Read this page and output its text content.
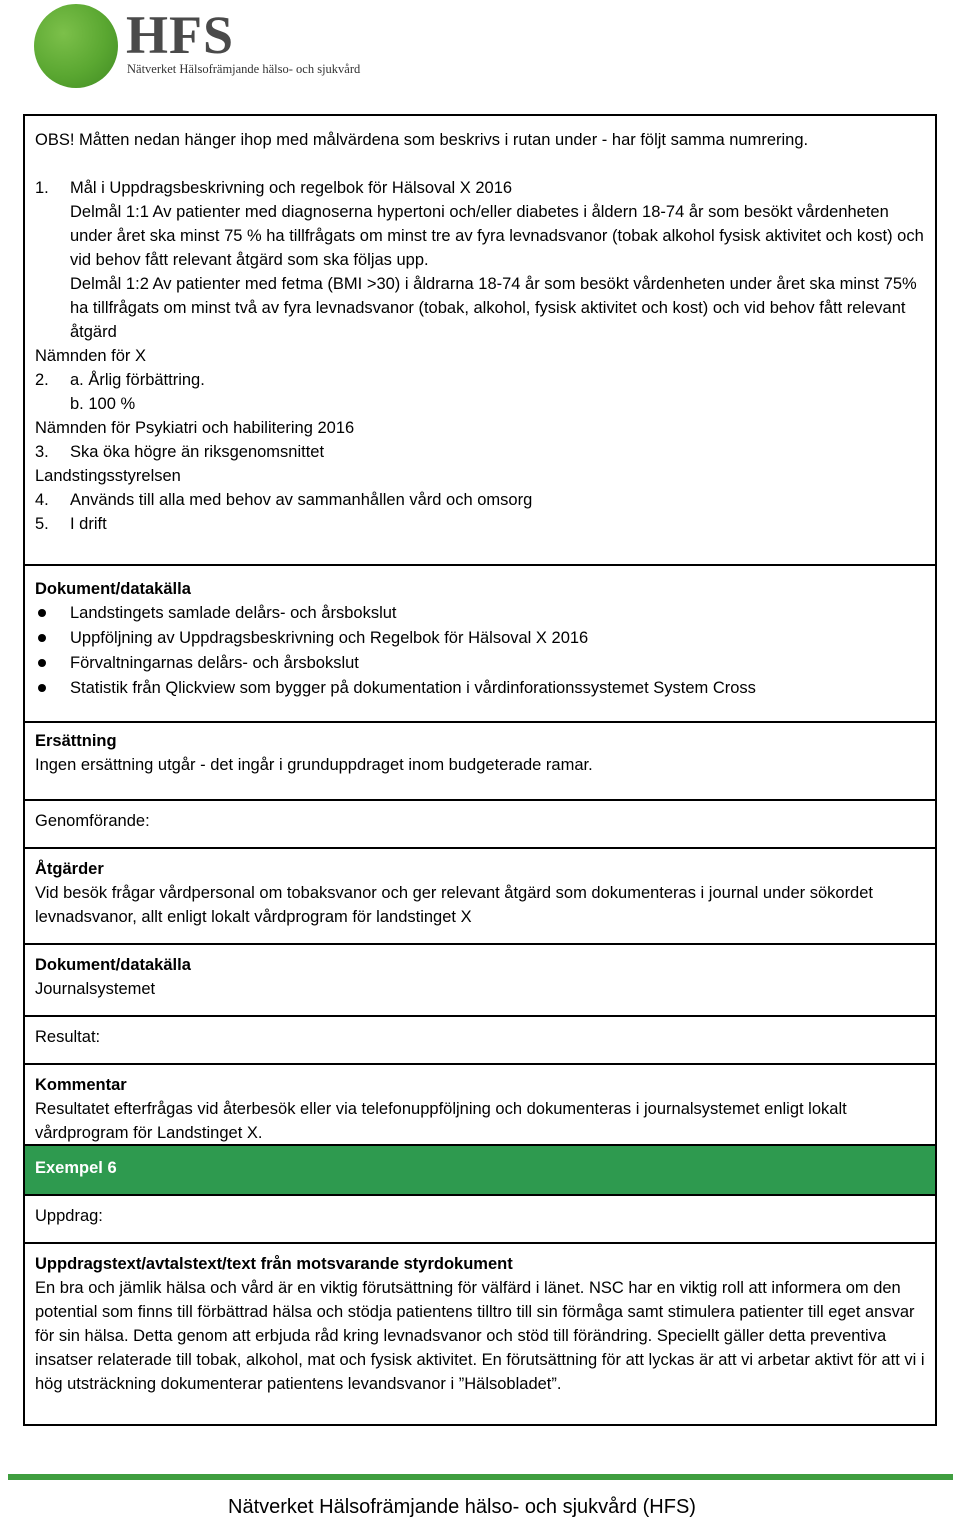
HFS
Nätverket Hälsofrämjande hälso- och sjukvård
OBS! Måtten nedan hänger ihop med målvärdena som beskrivs i rutan under - har följt samma numrering.
1.	Mål i Uppdragsbeskrivning och regelbok för Hälsoval X 2016
Delmål 1:1 Av patienter med diagnoserna hypertoni och/eller diabetes i åldern 18-74 år som besökt vårdenheten under året ska minst 75 % ha tillfrågats om minst tre av fyra levnadsvanor (tobak alkohol fysisk aktivitet och kost) och vid behov fått relevant åtgärd som ska följas upp.
Delmål 1:2 Av patienter med fetma (BMI >30) i åldrarna 18-74 år som besökt vårdenheten under året ska minst 75% ha tillfrågats om minst två av fyra levnadsvanor (tobak, alkohol, fysisk aktivitet och kost) och vid behov fått relevant åtgärd
Nämnden för X
2.	a. Årlig förbättring.
b. 100 %
Nämnden för Psykiatri och habilitering 2016
3.	Ska öka högre än riksgenomsnittet
Landstingsstyrelsen
4.	Används till alla med behov av sammanhållen vård och omsorg
5.	I drift

Dokument/datakälla
Landstingets samlade delårs- och årsbokslut
Uppföljning av Uppdragsbeskrivning och Regelbok för Hälsoval X 2016
Förvaltningarnas delårs- och årsbokslut
Statistik från Qlickview som bygger på dokumentation i vårdinforationssystemet System Cross

Ersättning
Ingen ersättning utgår - det ingår i grunduppdraget inom budgeterade ramar.

Genomförande:

Åtgärder
Vid besök frågar vårdpersonal om tobaksvanor och ger relevant åtgärd som dokumenteras i journal under sökordet levnadsvanor, allt enligt lokalt vårdprogram för landstinget X

Dokument/datakälla
Journalsystemet

Resultat:

Kommentar
Resultatet efterfrågas vid återbesök eller via telefonuppföljning och dokumenteras i journalsystemet enligt lokalt vårdprogram för Landstinget X.
Exempel 6
Uppdrag:

Uppdragstext/avtalstext/text från motsvarande styrdokument
En bra och jämlik hälsa och vård är en viktig förutsättning för välfärd i länet. NSC har en viktig roll att informera om den potential som finns till förbättrad hälsa och stödja patientens tilltro till sin förmåga samt stimulera patienter till eget ansvar för sin hälsa. Detta genom att erbjuda råd kring levnadsvanor och stöd till förändring. Speciellt gäller detta preventiva insatser relaterade till tobak, alkohol, mat och fysisk aktivitet. En förutsättning för att lyckas är att vi arbetar aktivt för att vi i hög utsträckning dokumenterar patientens levandsvanor i ”Hälsobladet”.
Nätverket Hälsofrämjande hälso- och sjukvård (HFS)
